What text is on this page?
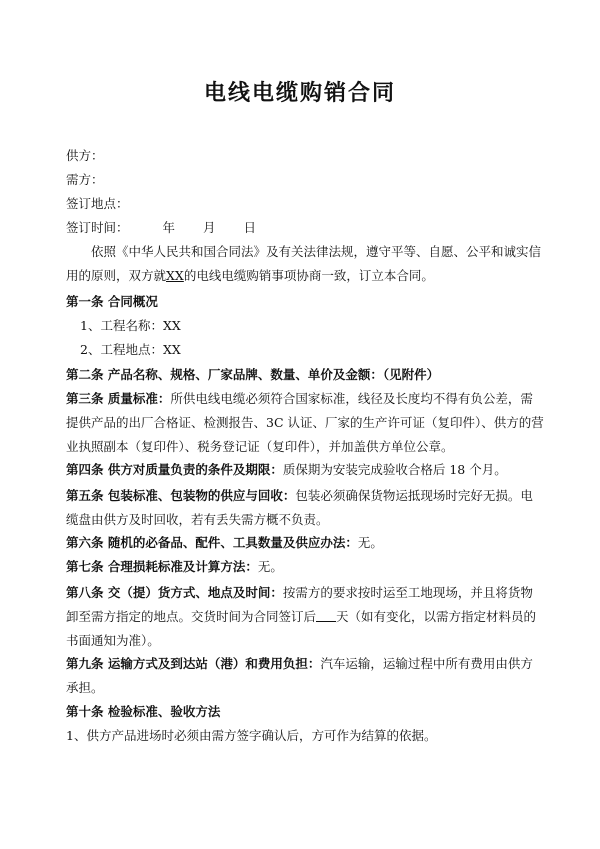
电线电缆购销合同

供方：

需方：

签订地点：

签订时间：	年 月 日

依照《中华人民共和国合同法》及有关法律法规，遵守平等、自愿、公平和诚实信用的原则，双方就XX的电线电缆购销事项协商一致，订立本合同。

第一条 合同概况

1、工程名称：XX

2、工程地点：XX

第二条 产品名称、规格、厂家品牌、数量、单价及金额：（见附件）

第三条 质量标准：所供电线电缆必须符合国家标准，线径及长度均不得有负公差，需提供产品的出厂合格证、检测报告、3C 认证、厂家的生产许可证（复印件）、供方的营业执照副本（复印件）、税务登记证（复印件），并加盖供方单位公章。

第四条 供方对质量负责的条件及期限：质保期为安装完成验收合格后 18 个月。

第五条 包装标准、包装物的供应与回收：包装必须确保货物运抵现场时完好无损。电缆盘由供方及时回收，若有丢失需方概不负责。

第六条 随机的必备品、配件、工具数量及供应办法：无。

第七条 合理损耗标准及计算方法：无。

第八条 交（提）货方式、地点及时间：按需方的要求按时运至工地现场，并且将货物卸至需方指定的地点。交货时间为合同签订后 天（如有变化，以需方指定材料员的书面通知为准）。

第九条 运输方式及到达站（港）和费用负担：汽车运输，运输过程中所有费用由供方承担。

第十条 检验标准、验收方法

1、供方产品进场时必须由需方签字确认后，方可作为结算的依据。
